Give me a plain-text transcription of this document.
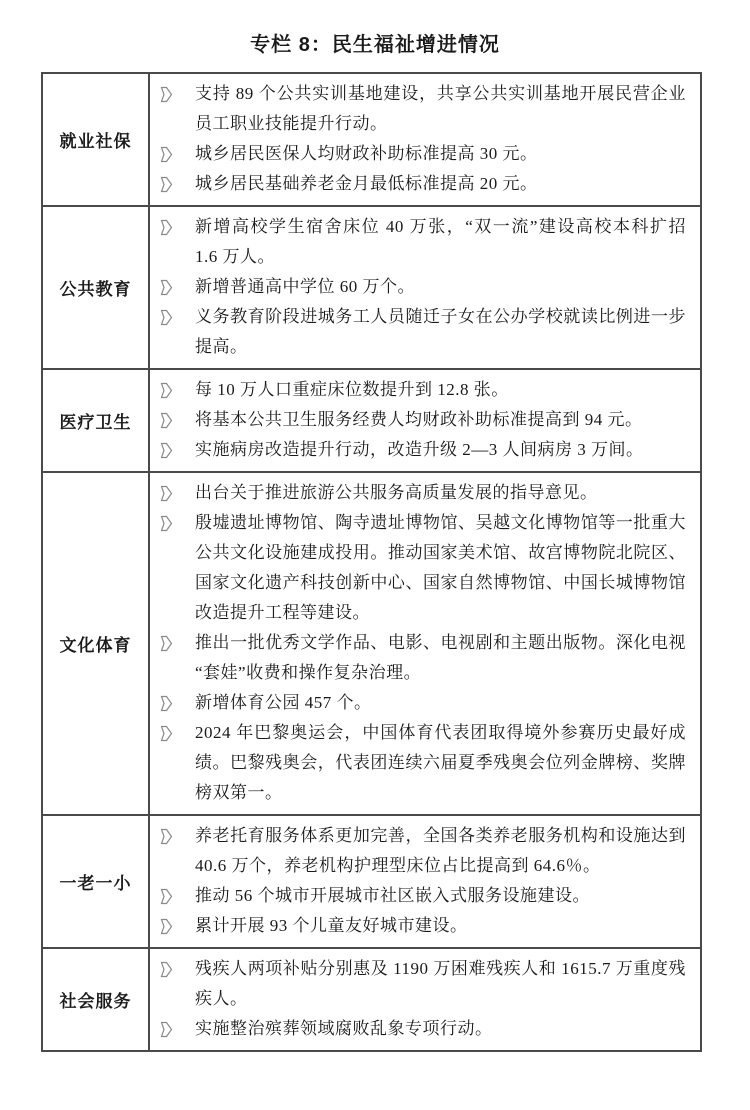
专栏 8：民生福祉增进情况
就业社保	支持 89 个公共实训基地建设，共享公共实训基地开展民营企业员工职业技能提升行动。
城乡居民医保人均财政补助标准提高 30 元。
城乡居民基础养老金月最低标准提高 20 元。

公共教育	新增高校学生宿舍床位 40 万张，“双一流”建设高校本科扩招 1.6 万人。
新增普通高中学位 60 万个。
义务教育阶段进城务工人员随迁子女在公办学校就读比例进一步提高。

医疗卫生	每 10 万人口重症床位数提升到 12.8 张。
将基本公共卫生服务经费人均财政补助标准提高到 94 元。
实施病房改造提升行动，改造升级 2—3 人间病房 3 万间。

文化体育	出台关于推进旅游公共服务高质量发展的指导意见。
殷墟遗址博物馆、陶寺遗址博物馆、吴越文化博物馆等一批重大公共文化设施建成投用。推动国家美术馆、故宫博物院北院区、国家文化遗产科技创新中心、国家自然博物馆、中国长城博物馆改造提升工程等建设。
推出一批优秀文学作品、电影、电视剧和主题出版物。深化电视“套娃”收费和操作复杂治理。
新增体育公园 457 个。
2024 年巴黎奥运会，中国体育代表团取得境外参赛历史最好成绩。巴黎残奥会，代表团连续六届夏季残奥会位列金牌榜、奖牌榜双第一。

一老一小	养老托育服务体系更加完善，全国各类养老服务机构和设施达到 40.6 万个，养老机构护理型床位占比提高到 64.6％。
推动 56 个城市开展城市社区嵌入式服务设施建设。
累计开展 93 个儿童友好城市建设。

社会服务	残疾人两项补贴分别惠及 1190 万困难残疾人和 1615.7 万重度残疾人。
实施整治殡葬领域腐败乱象专项行动。
